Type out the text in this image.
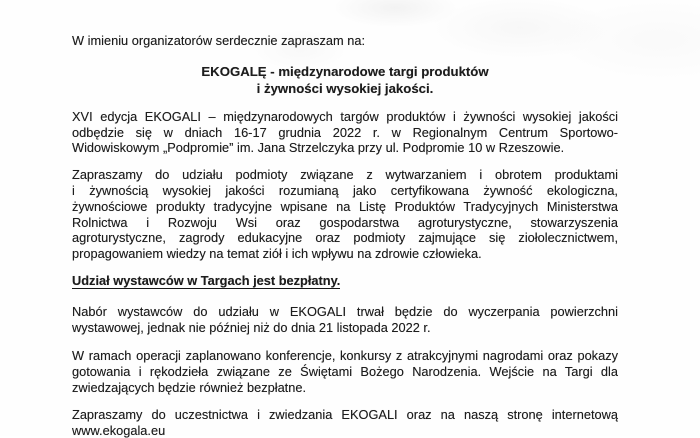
W imieniu organizatorów serdecznie zapraszam na:

EKOGALĘ - międzynarodowe targi produktów
i żywności wysokiej jakości.
XVI edycja EKOGALI – międzynarodowych targów produktów i żywności wysokiej jakości
odbędzie się w dniach 16-17 grudnia 2022 r. w Regionalnym Centrum Sportowo-
Widowiskowym „Podpromie” im. Jana Strzelczyka przy ul. Podpromie 10 w Rzeszowie.
Zapraszamy do udziału podmioty związane z wytwarzaniem i obrotem produktami
i żywnością wysokiej jakości rozumianą jako certyfikowana żywność ekologiczna,
żywnościowe produkty tradycyjne wpisane na Listę Produktów Tradycyjnych Ministerstwa
Rolnictwa i Rozwoju Wsi oraz gospodarstwa agroturystyczne, stowarzyszenia
agroturystyczne, zagrody edukacyjne oraz podmioty zajmujące się ziołolecznictwem,
propagowaniem wiedzy na temat ziół i ich wpływu na zdrowie człowieka.

Udział wystawców w Targach jest bezpłatny.

Nabór wystawców do udziału w EKOGALI trwał będzie do wyczerpania powierzchni
wystawowej, jednak nie później niż do dnia 21 listopada 2022 r.
W ramach operacji zaplanowano konferencje, konkursy z atrakcyjnymi nagrodami oraz pokazy
gotowania i rękodzieła związane ze Świętami Bożego Narodzenia. Wejście na Targi dla
zwiedzających będzie również bezpłatne.
Zapraszamy do uczestnictwa i zwiedzania EKOGALI oraz na naszą stronę internetową
www.ekogala.eu
